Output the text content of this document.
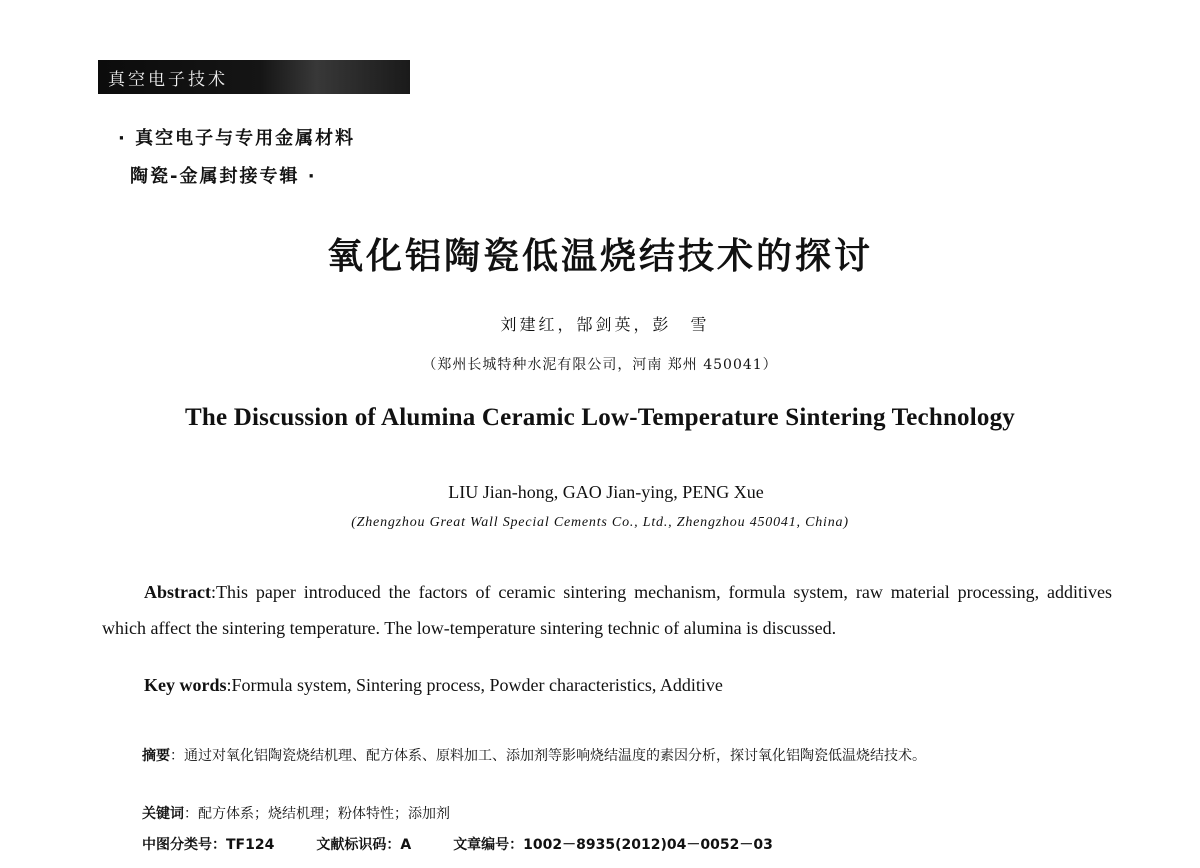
真空电子技术
· 真空电子与专用金属材料
陶瓷-金属封接专辑 ·
氧化铝陶瓷低温烧结技术的探讨
刘建红，郜剑英，彭　雪
（郑州长城特种水泥有限公司，河南 郑州 450041）
The Discussion of Alumina Ceramic Low-Temperature Sintering Technology
LIU Jian-hong, GAO Jian-ying, PENG Xue
(Zhengzhou Great Wall Special Cements Co., Ltd., Zhengzhou 450041, China)
Abstract:This paper introduced the factors of ceramic sintering mechanism, formula system, raw material processing, additives which affect the sintering temperature. The low-temperature sintering technic of alumina is discussed.
Key words:Formula system, Sintering process, Powder characteristics, Additive
摘要：通过对氧化铝陶瓷烧结机理、配方体系、原料加工、添加剂等影响烧结温度的素因分析，探讨氧化铝陶瓷低温烧结技术。
关键词：配方体系；烧结机理；粉体特性；添加剂
中图分类号：TF124	文献标识码：A	文章编号：1002－8935(2012)04－0052－03
